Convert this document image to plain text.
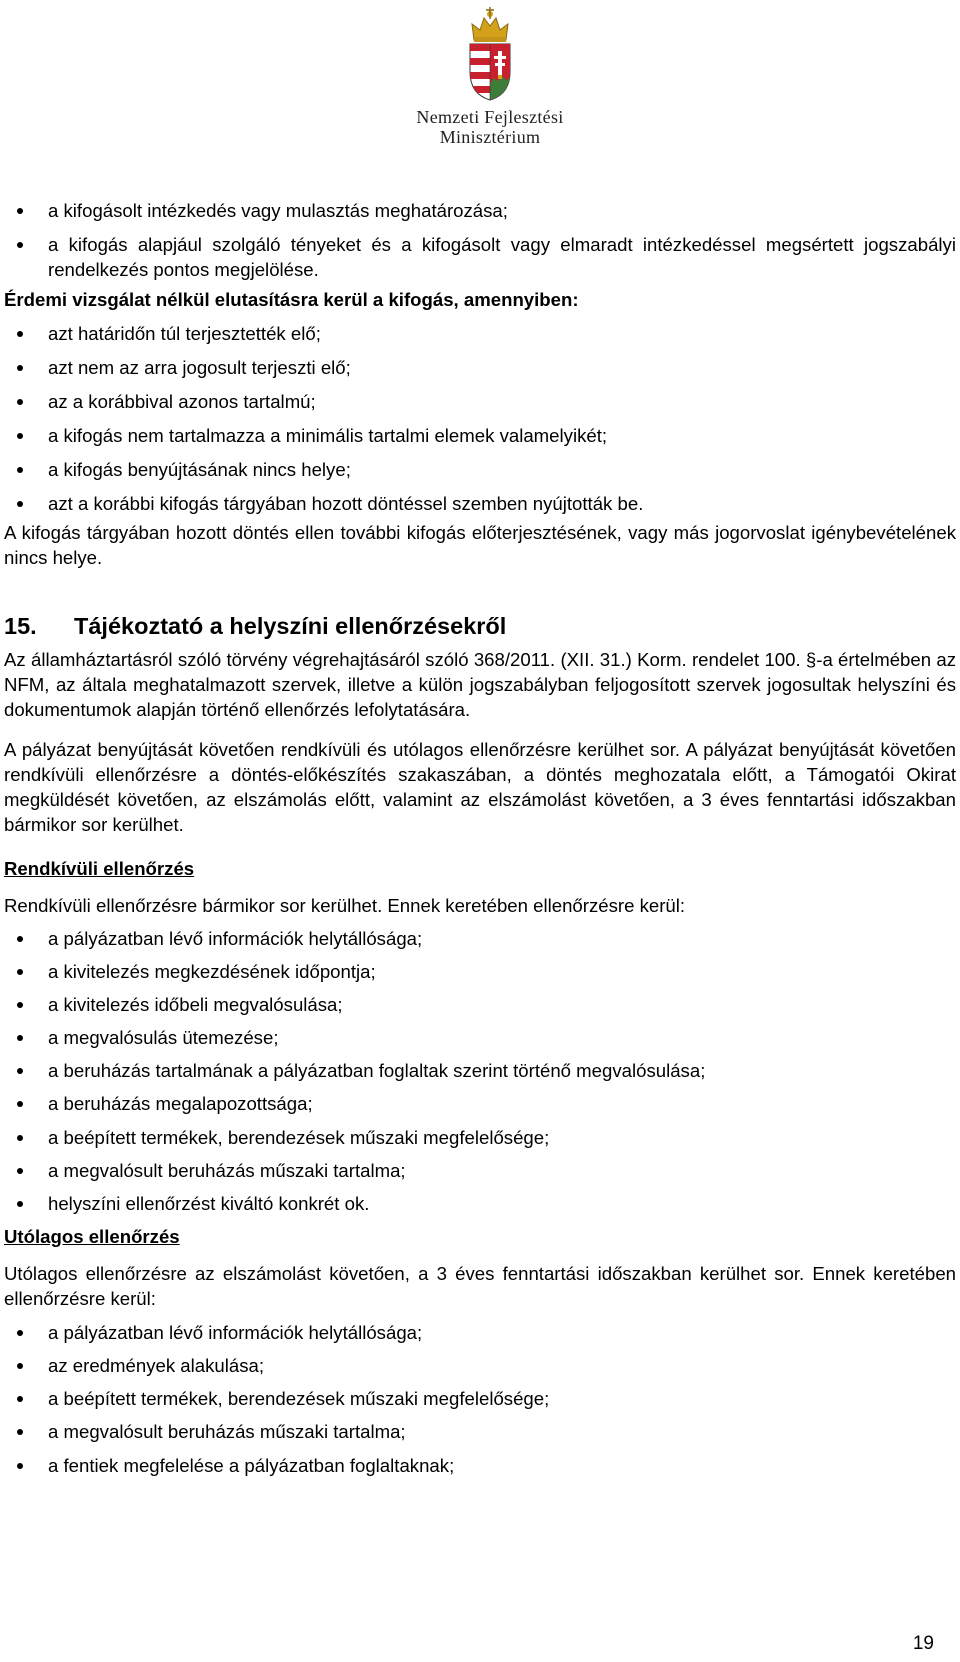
Nemzeti Fejlesztési
Minisztérium
a kifogásolt intézkedés vagy mulasztás meghatározása;
a kifogás alapjául szolgáló tényeket és a kifogásolt vagy elmaradt intézkedéssel megsértett jogszabályi rendelkezés pontos megjelölése.

Érdemi vizsgálat nélkül elutasításra kerül a kifogás, amennyiben:

azt határidőn túl terjesztették elő;
azt nem az arra jogosult terjeszti elő;
az a korábbival azonos tartalmú;
a kifogás nem tartalmazza a minimális tartalmi elemek valamelyikét;
a kifogás benyújtásának nincs helye;
azt a korábbi kifogás tárgyában hozott döntéssel szemben nyújtották be.

A kifogás tárgyában hozott döntés ellen további kifogás előterjesztésének, vagy más jogorvoslat igénybevételének nincs helye.

15.	Tájékoztató a helyszíni ellenőrzésekről

Az államháztartásról szóló törvény végrehajtásáról szóló 368/2011. (XII. 31.) Korm. rendelet 100. §-a értelmében az NFM, az általa meghatalmazott szervek, illetve a külön jogszabályban feljogosított szervek jogosultak helyszíni és dokumentumok alapján történő ellenőrzés lefolytatására.

A pályázat benyújtását követően rendkívüli és utólagos ellenőrzésre kerülhet sor. A pályázat benyújtását követően rendkívüli ellenőrzésre a döntés-előkészítés szakaszában, a döntés meghozatala előtt, a Támogatói Okirat megküldését követően, az elszámolás előtt, valamint az elszámolást követően, a 3 éves fenntartási időszakban bármikor sor kerülhet.

Rendkívüli ellenőrzés

Rendkívüli ellenőrzésre bármikor sor kerülhet. Ennek keretében ellenőrzésre kerül:

a pályázatban lévő információk helytállósága;
a kivitelezés megkezdésének időpontja;
a kivitelezés időbeli megvalósulása;
a megvalósulás ütemezése;
a beruházás tartalmának a pályázatban foglaltak szerint történő megvalósulása;
a beruházás megalapozottsága;
a beépített termékek, berendezések műszaki megfelelősége;
a megvalósult beruházás műszaki tartalma;
helyszíni ellenőrzést kiváltó konkrét ok.

Utólagos ellenőrzés

Utólagos ellenőrzésre az elszámolást követően, a 3 éves fenntartási időszakban kerülhet sor. Ennek keretében ellenőrzésre kerül:

a pályázatban lévő információk helytállósága;
az eredmények alakulása;
a beépített termékek, berendezések műszaki megfelelősége;
a megvalósult beruházás műszaki tartalma;
a fentiek megfelelése a pályázatban foglaltaknak;
19
